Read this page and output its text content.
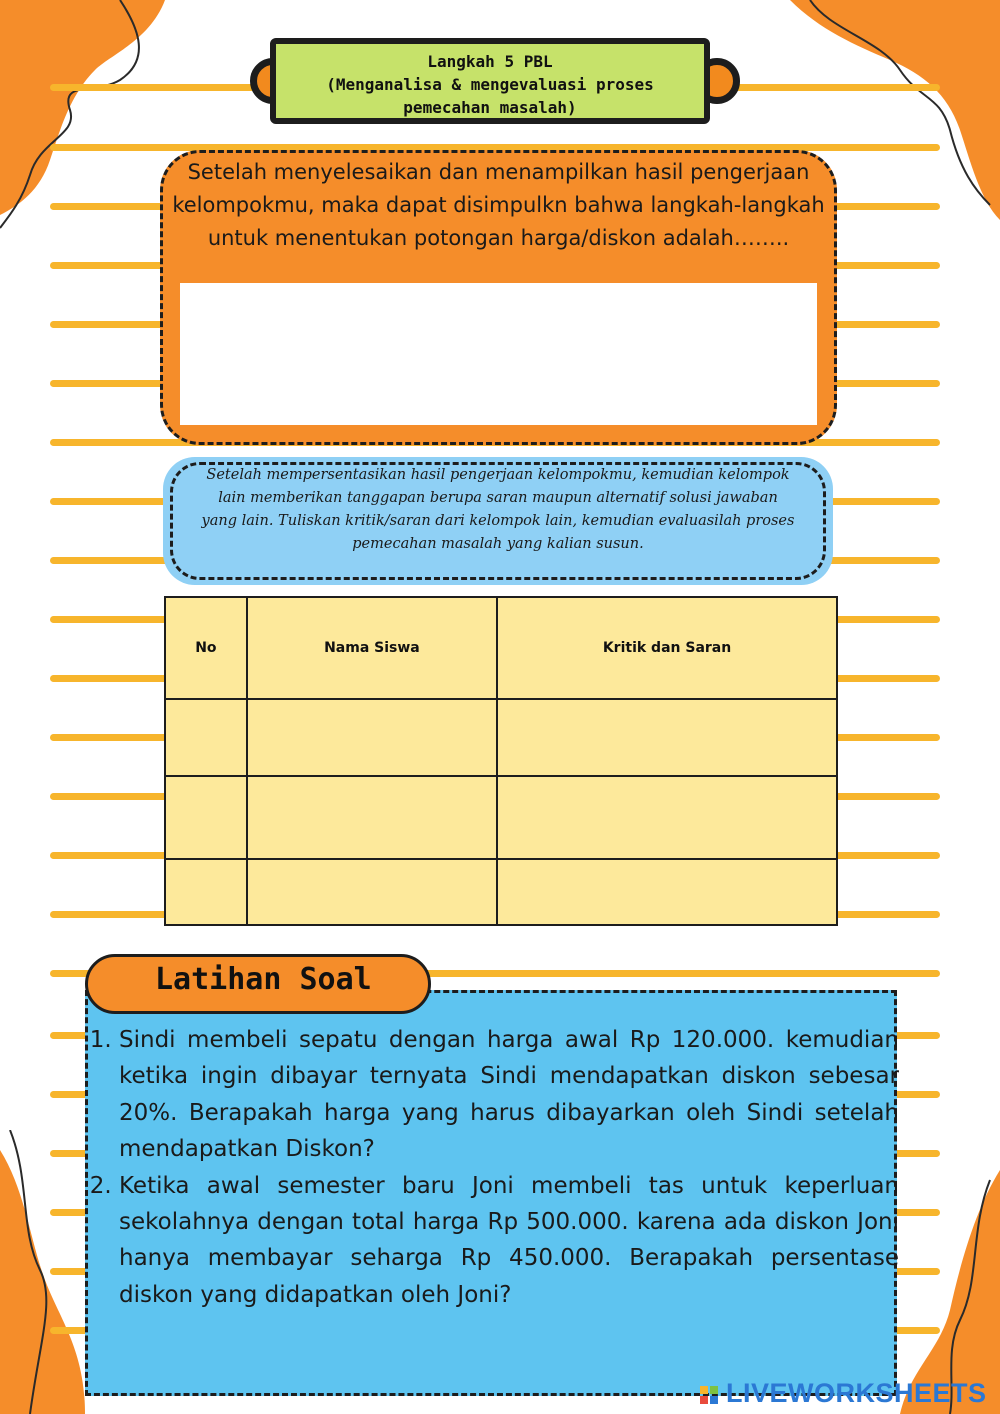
Langkah 5 PBL
(Menganalisa & mengevaluasi proses
pemecahan masalah)
Setelah menyelesaikan dan menampilkan hasil pengerjaan kelompokmu, maka dapat disimpulkn bahwa langkah-langkah untuk menentukan potongan harga/diskon adalah……..
Setelah mempersentasikan hasil pengerjaan kelompokmu, kemudian kelompok lain memberikan tanggapan berupa saran maupun alternatif solusi jawaban yang lain. Tuliskan kritik/saran dari kelompok lain, kemudian evaluasilah proses pemecahan masalah yang kalian susun.
No	Nama Siswa	Kritik dan Saran

Latihan Soal
1. Sindi membeli sepatu dengan harga awal Rp 120.000. kemudian ketika ingin dibayar ternyata Sindi mendapatkan diskon sebesar 20%. Berapakah harga yang harus dibayarkan oleh Sindi setelah mendapatkan Diskon?
2. Ketika awal semester baru Joni membeli tas untuk keperluan sekolahnya dengan total harga Rp 500.000. karena ada diskon Joni hanya membayar seharga Rp 450.000. Berapakah persentase diskon yang didapatkan oleh Joni?
LIVEWORKSHEETS
